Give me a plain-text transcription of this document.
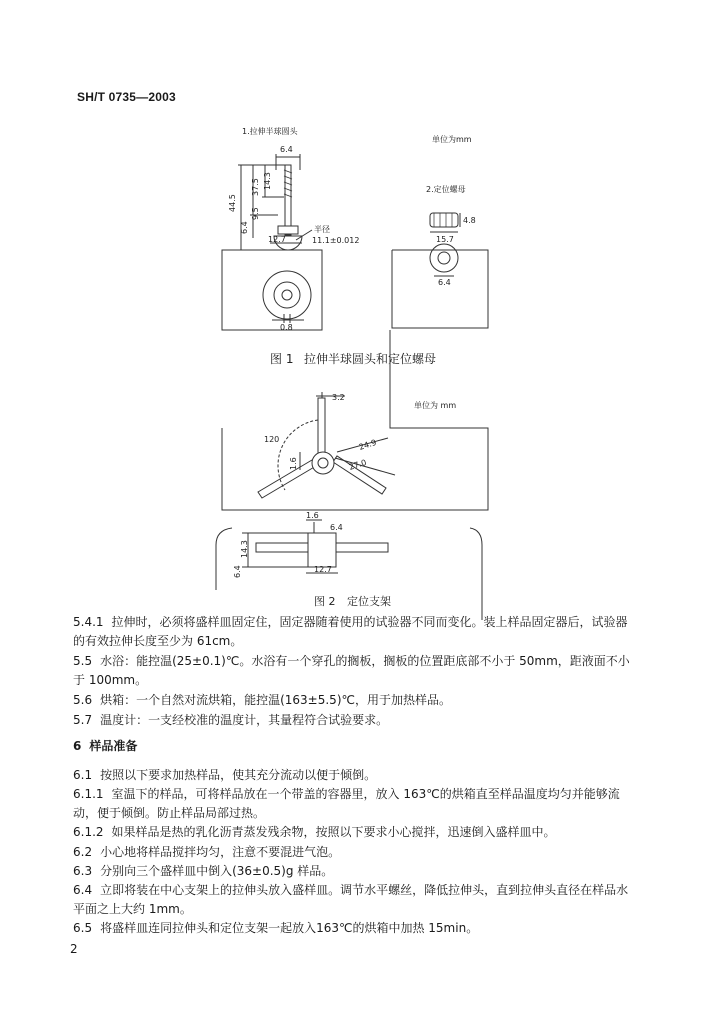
SH/T 0735—2003
1.拉伸半球圆头
单位为mm
2.定位螺母
6.4
14.3
37.5
44.5
9.5
6.4
12.7
半径
11.1±0.012
0.8
4.8
15.7
6.4
图 1 拉伸半球圆头和定位螺母
单位为 mm
3.2
120
1.6
24.9
27.0
1.6
6.4
14.3
6.4	12.7
图 2 定位支架
5.4.1 拉伸时，必须将盛样皿固定住，固定器随着使用的试验器不同而变化。装上样品固定器后，试验器的有效拉伸长度至少为 61cm。
5.5 水浴：能控温(25±0.1)℃。水浴有一个穿孔的搁板，搁板的位置距底部不小于 50mm，距液面不小于 100mm。
5.6 烘箱：一个自然对流烘箱，能控温(163±5.5)℃，用于加热样品。
5.7 温度计：一支经校准的温度计，其量程符合试验要求。
6 样品准备
6.1 按照以下要求加热样品，使其充分流动以便于倾倒。
6.1.1 室温下的样品，可将样品放在一个带盖的容器里，放入 163℃的烘箱直至样品温度均匀并能够流动，便于倾倒。防止样品局部过热。
6.1.2 如果样品是热的乳化沥青蒸发残余物，按照以下要求小心搅拌，迅速倒入盛样皿中。
6.2 小心地将样品搅拌均匀，注意不要混进气泡。
6.3 分别向三个盛样皿中倒入(36±0.5)g 样品。
6.4 立即将装在中心支架上的拉伸头放入盛样皿。调节水平螺丝，降低拉伸头，直到拉伸头直径在样品水平面之上大约 1mm。
6.5 将盛样皿连同拉伸头和定位支架一起放入163℃的烘箱中加热 15min。
2
